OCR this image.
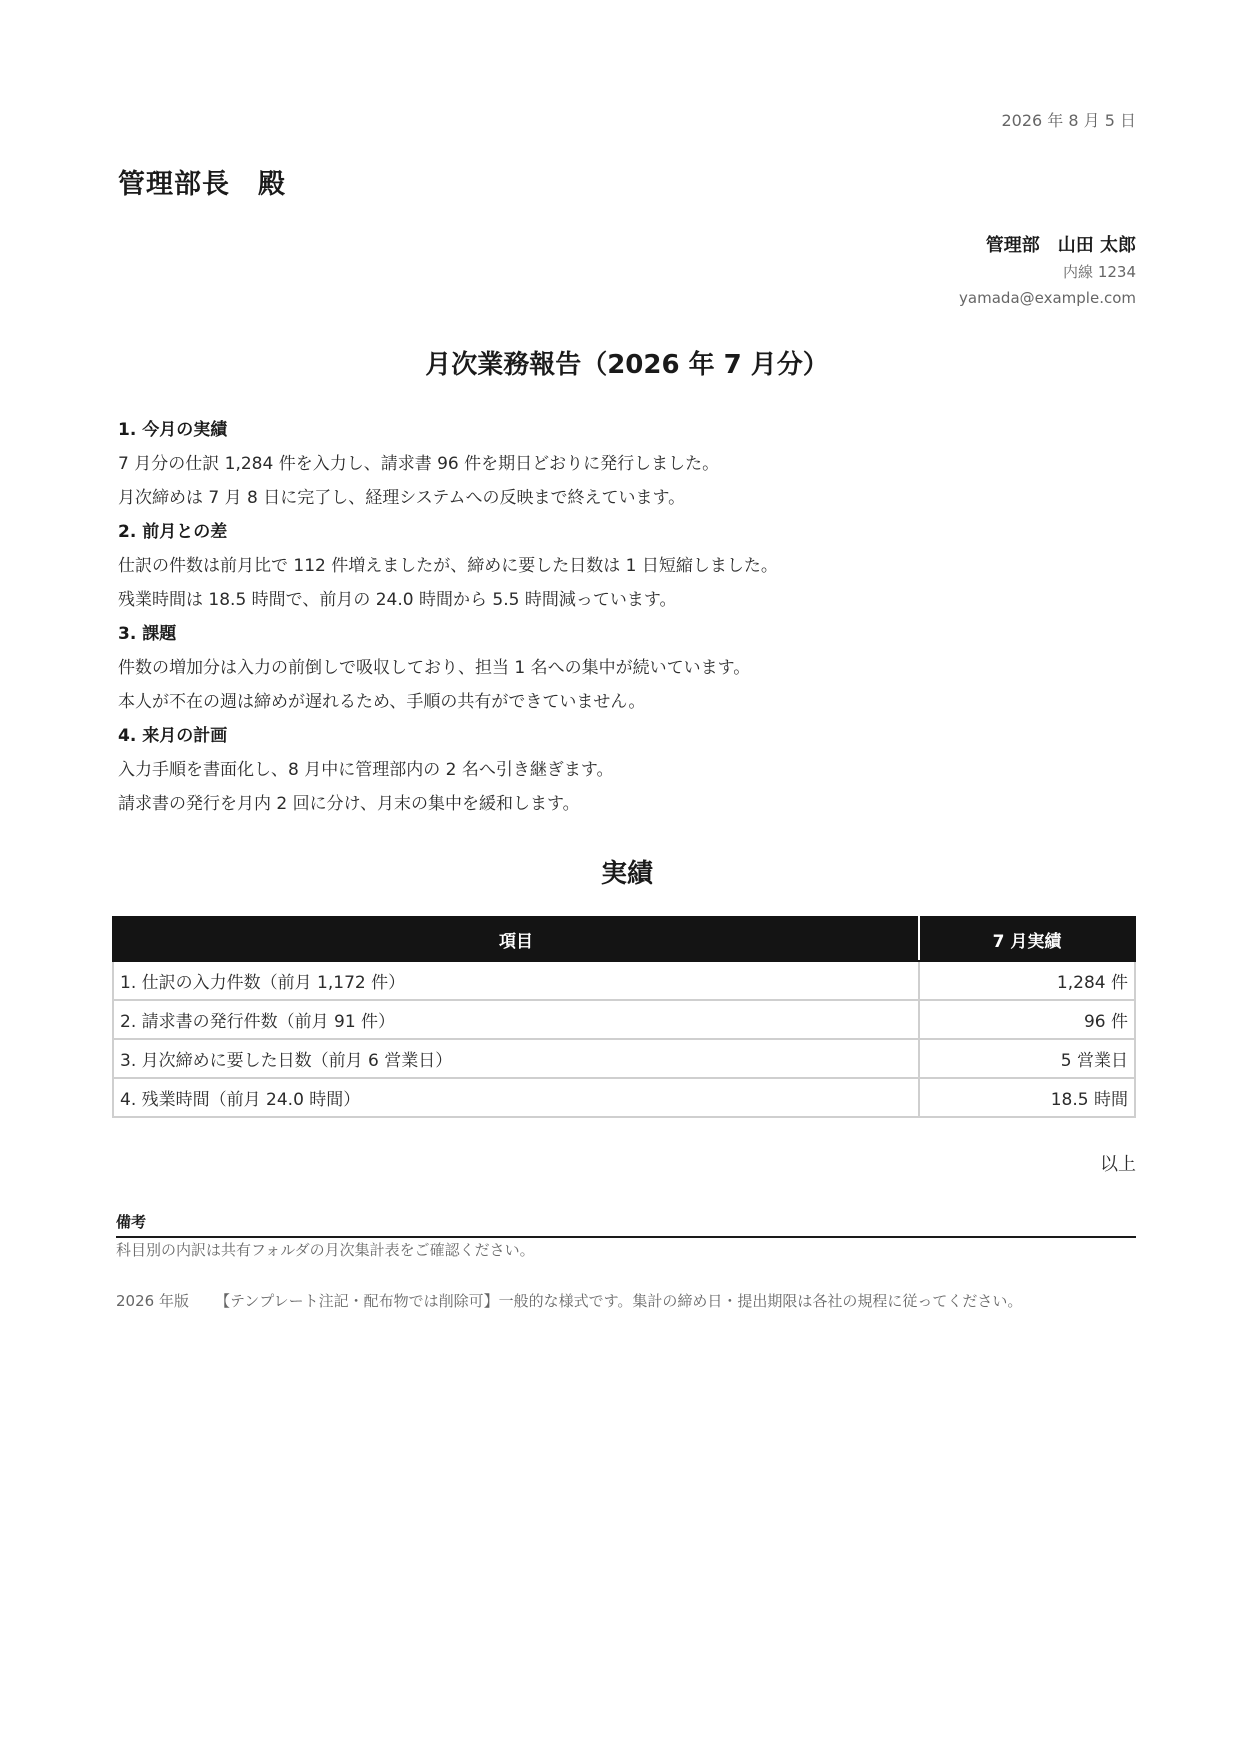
2026 年 8 月 5 日
管理部長　殿
管理部　山田 太郎
内線 1234
yamada@example.com
月次業務報告（2026 年 7 月分）
1. 今月の実績
7 月分の仕訳 1,284 件を入力し、請求書 96 件を期日どおりに発行しました。
月次締めは 7 月 8 日に完了し、経理システムへの反映まで終えています。
2. 前月との差
仕訳の件数は前月比で 112 件増えましたが、締めに要した日数は 1 日短縮しました。
残業時間は 18.5 時間で、前月の 24.0 時間から 5.5 時間減っています。
3. 課題
件数の増加分は入力の前倒しで吸収しており、担当 1 名への集中が続いています。
本人が不在の週は締めが遅れるため、手順の共有ができていません。
4. 来月の計画
入力手順を書面化し、8 月中に管理部内の 2 名へ引き継ぎます。
請求書の発行を月内 2 回に分け、月末の集中を緩和します。
実績
項目	7 月実績
1. 仕訳の入力件数（前月 1,172 件）	1,284 件
2. 請求書の発行件数（前月 91 件）	96 件
3. 月次締めに要した日数（前月 6 営業日）	5 営業日
4. 残業時間（前月 24.0 時間）	18.5 時間
以上
備考
科目別の内訳は共有フォルダの月次集計表をご確認ください。
2026 年版 【テンプレート注記・配布物では削除可】一般的な様式です。集計の締め日・提出期限は各社の規程に従ってください。
